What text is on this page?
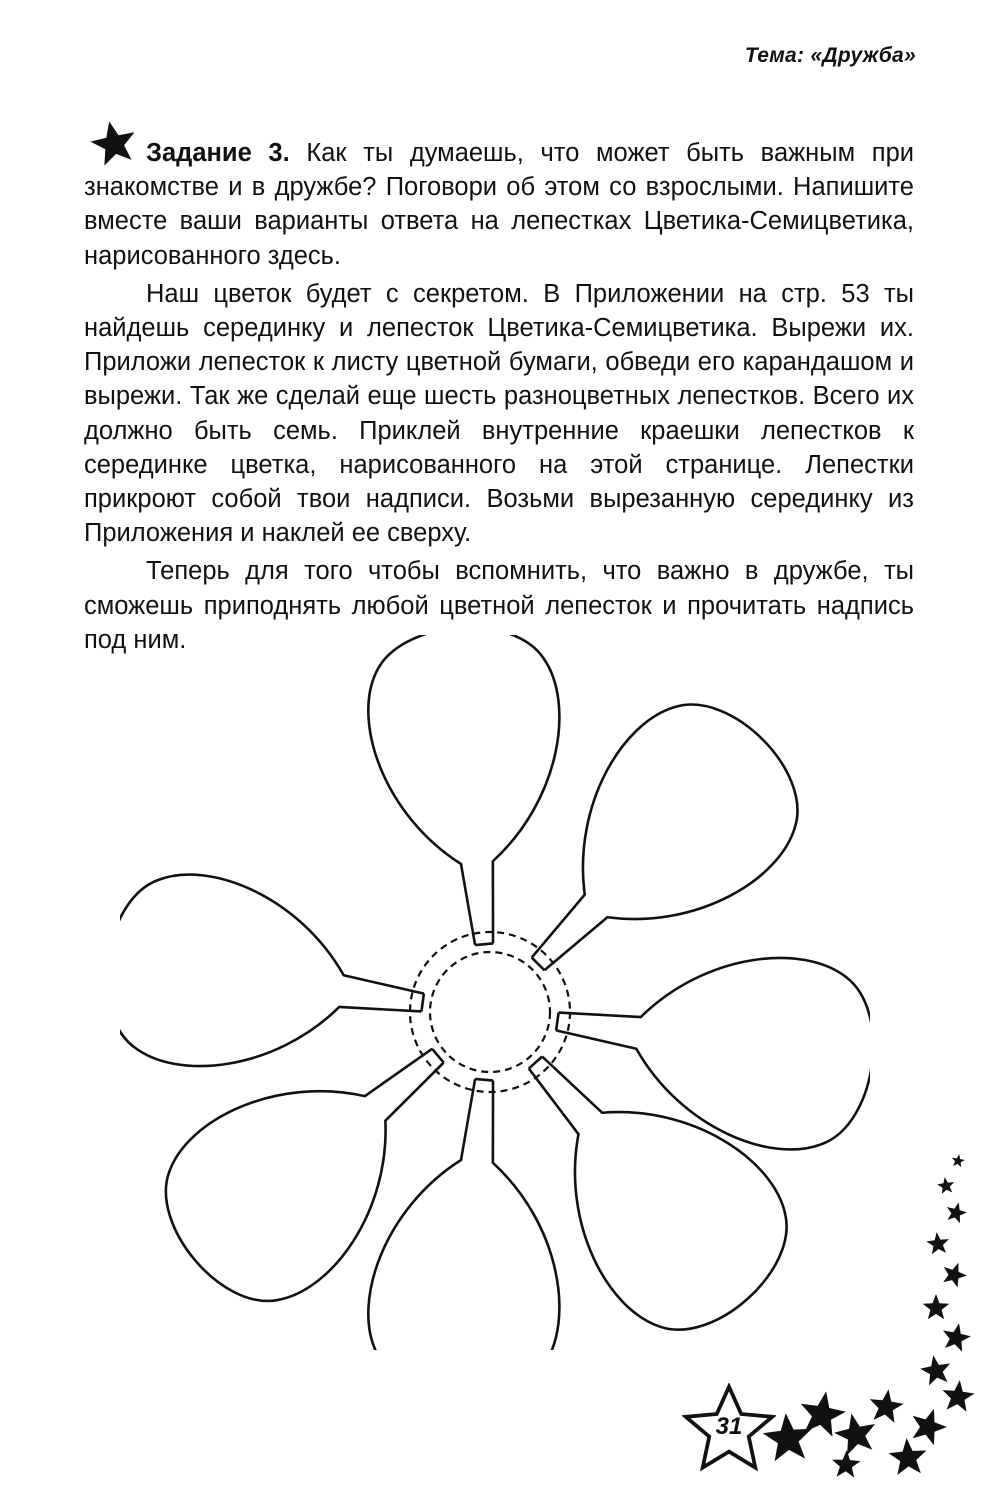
Тема: «Дружба»

Задание 3. Как ты думаешь, что может быть важным при знакомстве и в дружбе? Поговори об этом со взрослыми. Напишите вместе ваши варианты ответа на лепестках Цветика-Семицветика, нарисованного здесь.

Наш цветок будет с секретом. В Приложении на стр. 53 ты найдешь серединку и лепесток Цветика-Семицветика. Вырежи их. Приложи лепесток к листу цветной бумаги, обведи его карандашом и вырежи. Так же сделай еще шесть разноцветных лепестков. Всего их должно быть семь. Приклей внутренние краешки лепестков к серединке цветка, нарисованного на этой странице. Лепестки прикроют собой твои надписи. Возьми вырезанную серединку из Приложения и наклей ее сверху.

Теперь для того чтобы вспомнить, что важно в дружбе, ты сможешь приподнять любой цветной лепесток и прочитать надпись под ним.

31
